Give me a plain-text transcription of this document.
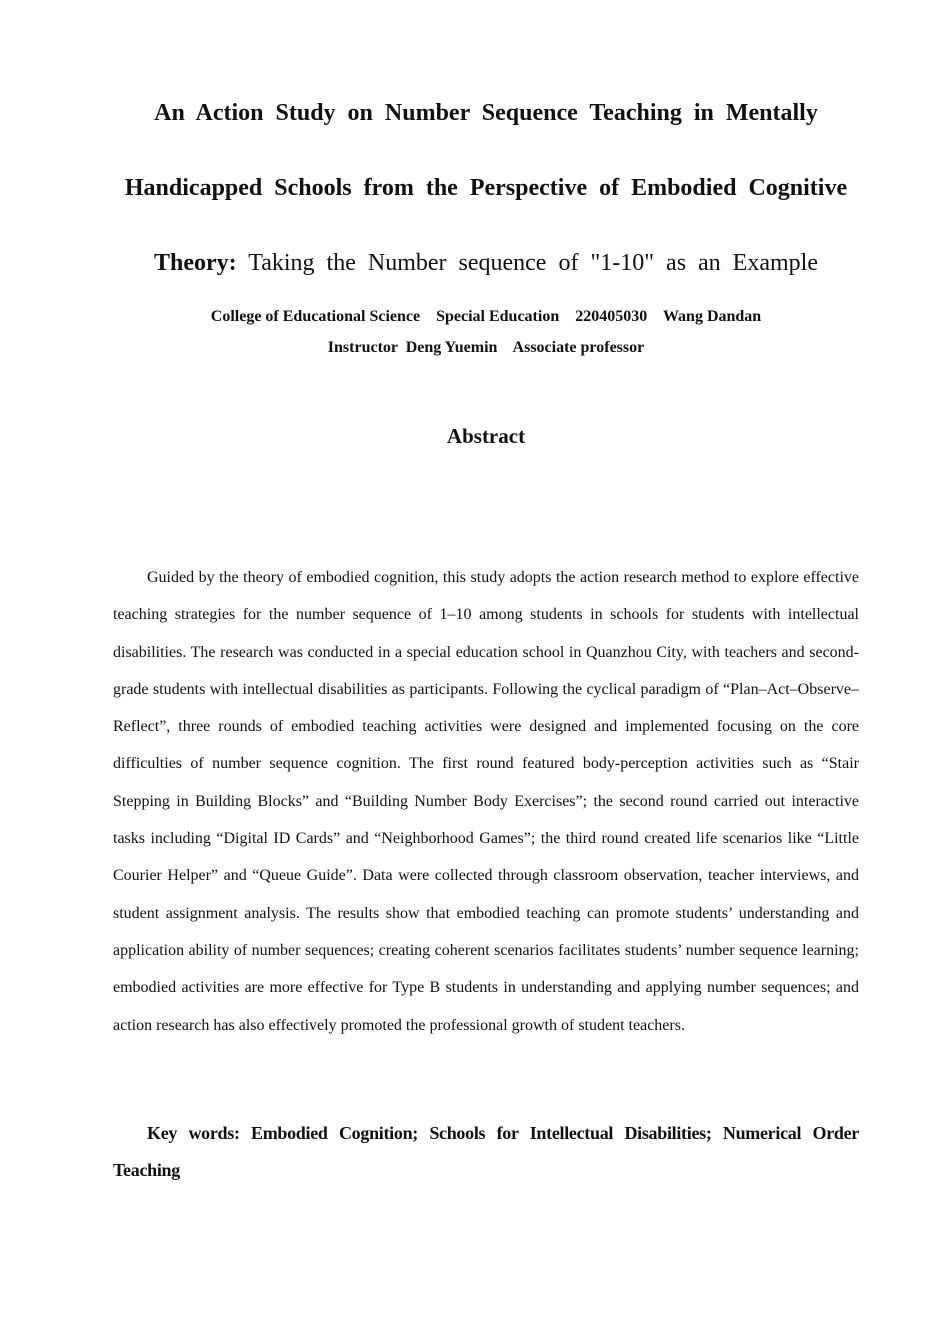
An Action Study on Number Sequence Teaching in Mentally
Handicapped Schools from the Perspective of Embodied Cognitive
Theory: Taking the Number sequence of "1-10" as an Example
College of Educational Science    Special Education    220405030    Wang Dandan
Instructor  Deng Yuemin    Associate professor
Abstract

Guided by the theory of embodied cognition, this study adopts the action research method to explore effective teaching strategies for the number sequence of 1–10 among students in schools for students with intellectual disabilities. The research was conducted in a special education school in Quanzhou City, with teachers and second-grade students with intellectual disabilities as participants. Following the cyclical paradigm of “Plan–Act–Observe–Reflect”, three rounds of embodied teaching activities were designed and implemented focusing on the core difficulties of number sequence cognition. The first round featured body-perception activities such as “Stair Stepping in Building Blocks” and “Building Number Body Exercises”; the second round carried out interactive tasks including “Digital ID Cards” and “Neighborhood Games”; the third round created life scenarios like “Little Courier Helper” and “Queue Guide”. Data were collected through classroom observation, teacher interviews, and student assignment analysis. The results show that embodied teaching can promote students’ understanding and application ability of number sequences; creating coherent scenarios facilitates students’ number sequence learning; embodied activities are more effective for Type B students in understanding and applying number sequences; and action research has also effectively promoted the professional growth of student teachers.

Key words: Embodied Cognition; Schools for Intellectual Disabilities; Numerical Order Teaching
